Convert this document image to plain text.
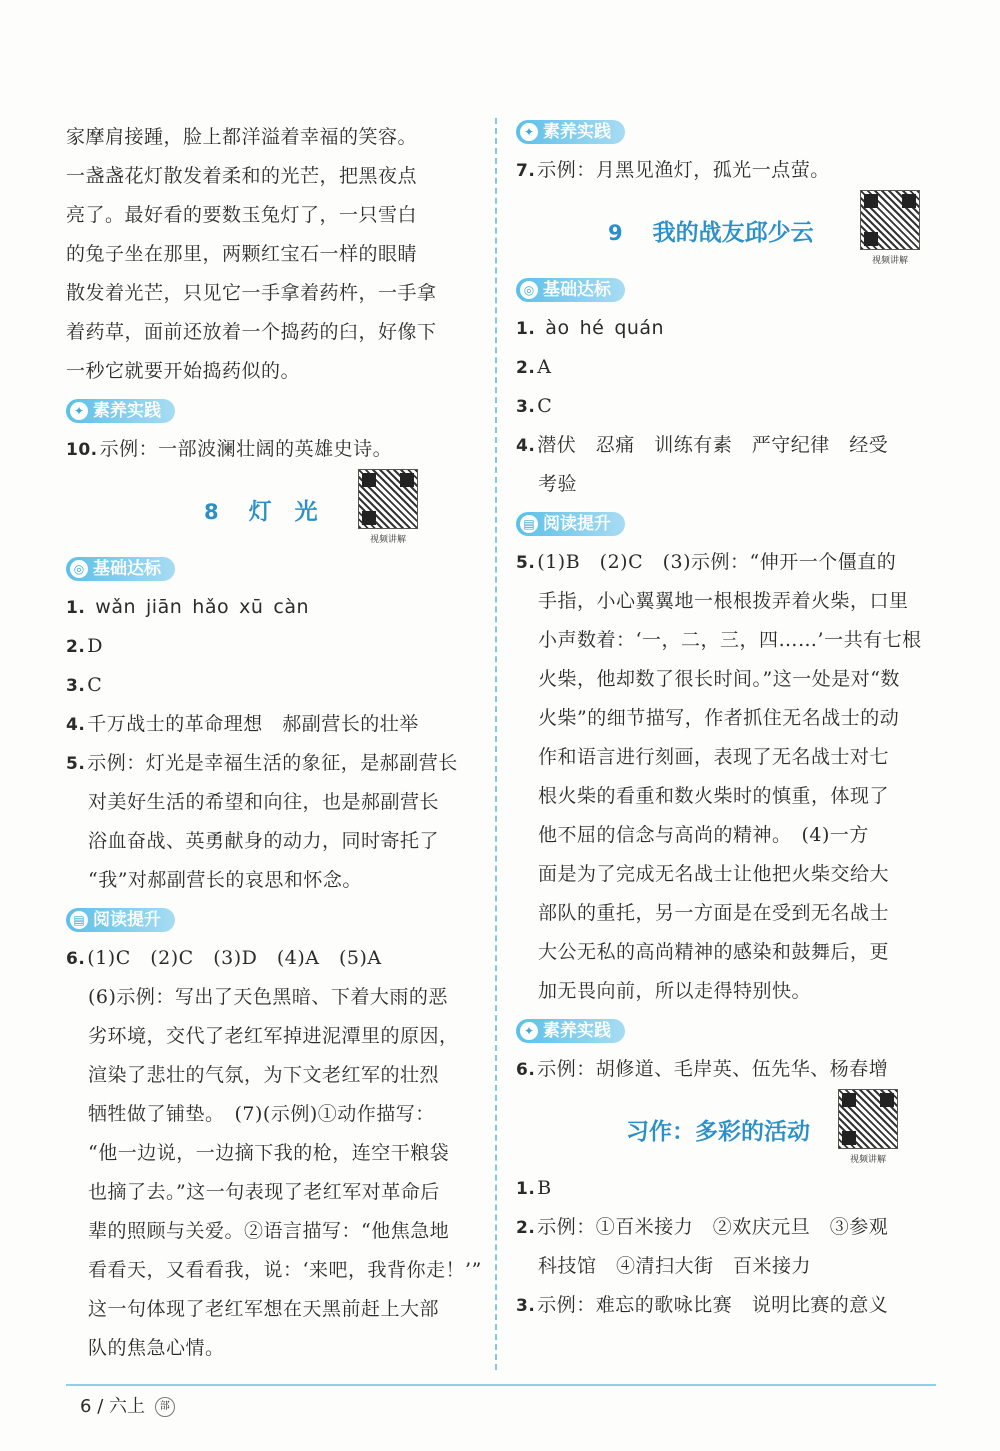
家摩肩接踵，脸上都洋溢着幸福的笑容。
一盏盏花灯散发着柔和的光芒，把黑夜点
亮了。最好看的要数玉兔灯了，一只雪白
的兔子坐在那里，两颗红宝石一样的眼睛
散发着光芒，只见它一手拿着药杵，一手拿
着药草，面前还放着一个捣药的臼，好像下
一秒它就要开始捣药似的。
✦ 素养实践
10. 示例：一部波澜壮阔的英雄史诗。
8 灯　光
视频讲解
◎ 基础达标
1. wǎn jiān hǎo xū càn
2. D
3. C
4. 千万战士的革命理想　郝副营长的壮举
5. 示例：灯光是幸福生活的象征，是郝副营长
对美好生活的希望和向往，也是郝副营长
浴血奋战、英勇献身的动力，同时寄托了
“我”对郝副营长的哀思和怀念。
▤ 阅读提升
6. (1)C　(2)C　(3)D　(4)A　(5)A
(6)示例：写出了天色黑暗、下着大雨的恶
劣环境，交代了老红军掉进泥潭里的原因，
渲染了悲壮的气氛，为下文老红军的壮烈
牺牲做了铺垫。　(7)(示例)①动作描写：
“他一边说，一边摘下我的枪，连空干粮袋
也摘了去。”这一句表现了老红军对革命后
辈的照顾与关爱。②语言描写：“他焦急地
看看天，又看看我，说：‘来吧，我背你走！’”
这一句体现了老红军想在天黑前赶上大部
队的焦急心情。
✦ 素养实践
7. 示例：月黑见渔灯，孤光一点萤。
9 我的战友邱少云
视频讲解
◎ 基础达标
1. ào hé quán
2. A
3. C
4. 潜伏　忍痛　训练有素　严守纪律　经受
考验
▤ 阅读提升
5. (1)B　(2)C　(3)示例：“伸开一个僵直的
手指，小心翼翼地一根根拨弄着火柴，口里
小声数着：‘一，二，三，四……’一共有七根
火柴，他却数了很长时间。”这一处是对“数
火柴”的细节描写，作者抓住无名战士的动
作和语言进行刻画，表现了无名战士对七
根火柴的看重和数火柴时的慎重，体现了
他不屈的信念与高尚的精神。　(4)一方
面是为了完成无名战士让他把火柴交给大
部队的重托，另一方面是在受到无名战士
大公无私的高尚精神的感染和鼓舞后，更
加无畏向前，所以走得特别快。
✦ 素养实践
6. 示例：胡修道、毛岸英、伍先华、杨春增
习作：多彩的活动
视频讲解
1. B
2. 示例：①百米接力　②欢庆元旦　③参观
科技馆　④清扫大街　百米接力
3. 示例：难忘的歌咏比赛　说明比赛的意义
6 / 六上 部
